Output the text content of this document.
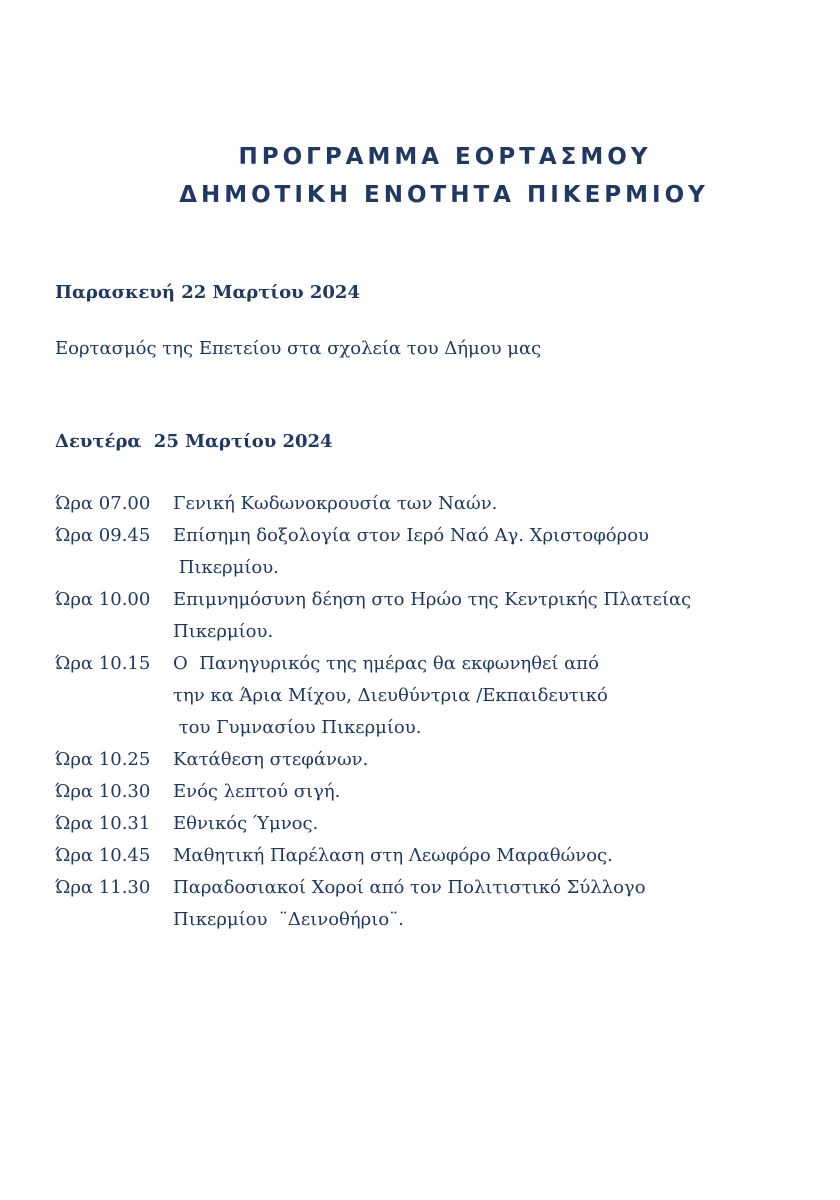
ΠΡΟΓΡΑΜΜΑ ΕΟΡΤΑΣΜΟΥ
ΔΗΜΟΤΙΚΗ ΕΝΟΤΗΤΑ ΠΙΚΕΡΜΙΟΥ
Παρασκευή 22 Μαρτίου 2024
Εορτασμός της Επετείου στα σχολεία του Δήμου μας
Δευτέρα  25 Μαρτίου 2024
Ώρα 07.00	Γενική Κωδωνοκρουσία των Ναών.
Ώρα 09.45	Επίσημη δοξολογία στον Ιερό Ναό Αγ. Χριστοφόρου
Πικερμίου.
Ώρα 10.00	Επιμνημόσυνη δέηση στο Ηρώο της Κεντρικής Πλατείας
Πικερμίου.
Ώρα 10.15	Ο  Πανηγυρικός της ημέρας θα εκφωνηθεί από
την κα Άρια Μίχου, Διευθύντρια /Εκπαιδευτικό
του Γυμνασίου Πικερμίου.
Ώρα 10.25	Κατάθεση στεφάνων.
Ώρα 10.30	Ενός λεπτού σιγή.
Ώρα 10.31	Εθνικός Ύμνος.
Ώρα 10.45	Μαθητική Παρέλαση στη Λεωφόρο Μαραθώνος.
Ώρα 11.30	Παραδοσιακοί Χοροί από τον Πολιτιστικό Σύλλογο
Πικερμίου  ¨Δεινοθήριο¨.
